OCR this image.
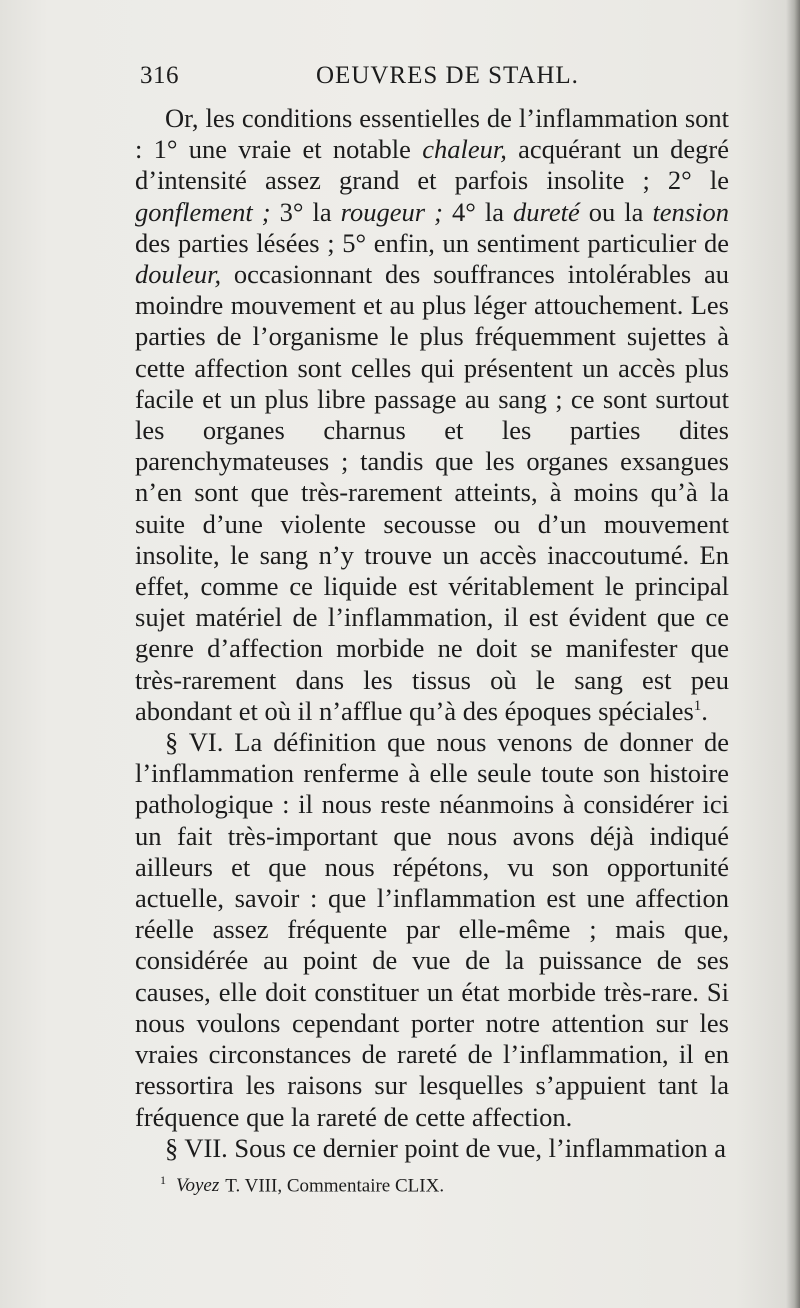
316	OEUVRES DE STAHL.

Or, les conditions essentielles de l’inflammation sont : 1° une vraie et notable chaleur, acquérant un degré d’intensité assez grand et parfois insolite ; 2° le gonflement ; 3° la rougeur ; 4° la dureté ou la tension des parties lésées ; 5° enfin, un sentiment particulier de douleur, occasionnant des souffrances intolérables au moindre mouvement et au plus léger attouchement. Les parties de l’organisme le plus fréquemment sujettes à cette affection sont celles qui présentent un accès plus facile et un plus libre passage au sang ; ce sont surtout les organes charnus et les parties dites parenchymateuses ; tandis que les organes exsangues n’en sont que très-rarement atteints, à moins qu’à la suite d’une violente secousse ou d’un mouvement insolite, le sang n’y trouve un accès inaccoutumé. En effet, comme ce liquide est véritablement le principal sujet matériel de l’inflammation, il est évident que ce genre d’affection morbide ne doit se manifester que très-rarement dans les tissus où le sang est peu abondant et où il n’afflue qu’à des époques spéciales$^1$.

§ VI. La définition que nous venons de donner de l’inflammation renferme à elle seule toute son histoire pathologique : il nous reste néanmoins à considérer ici un fait très-important que nous avons déjà indiqué ailleurs et que nous répétons, vu son opportunité actuelle, savoir : que l’inflammation est une affection réelle assez fréquente par elle-même ; mais que, considérée au point de vue de la puissance de ses causes, elle doit constituer un état morbide très-rare. Si nous voulons cependant porter notre attention sur les vraies circonstances de rareté de l’inflammation, il en ressortira les raisons sur lesquelles s’appuient tant la fréquence que la rareté de cette affection.

§ VII. Sous ce dernier point de vue, l’inflammation a

$^1$ Voyez T. VIII, Commentaire CLIX.
